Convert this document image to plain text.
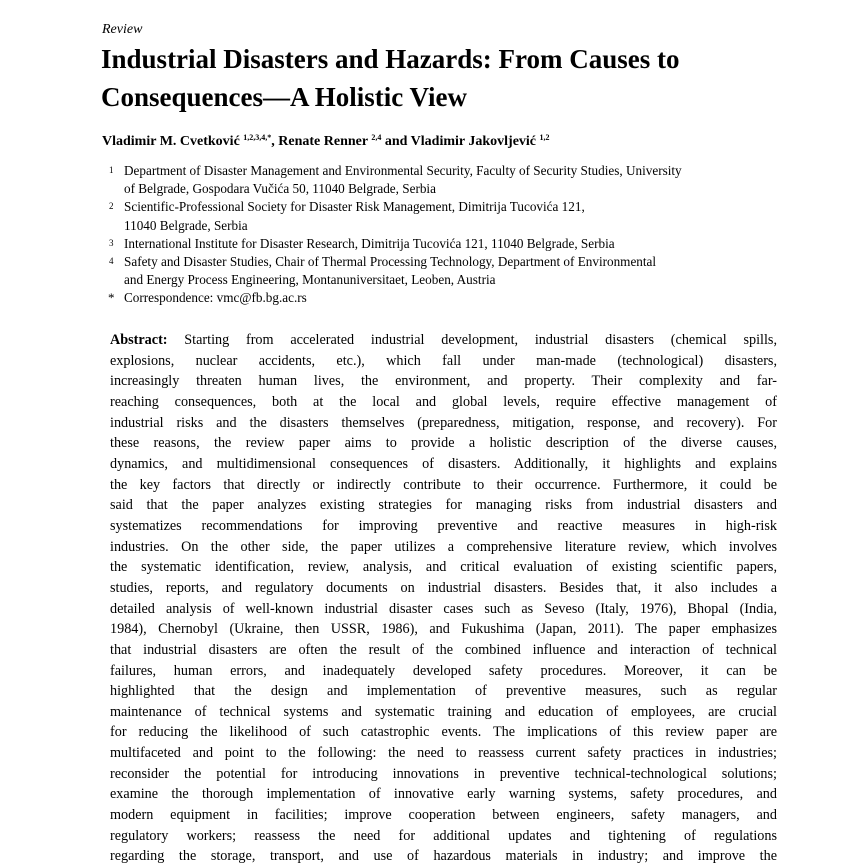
Review
Industrial Disasters and Hazards: From Causes to
Consequences—A Holistic View
Vladimir M. Cvetković $^{1,2,3,4,*}$, Renate Renner $^{2,4}$ and Vladimir Jakovljević $^{1,2}$
1 Department of Disaster Management and Environmental Security, Faculty of Security Studies, University
of Belgrade, Gospodara Vučića 50, 11040 Belgrade, Serbia
2 Scientific-Professional Society for Disaster Risk Management, Dimitrija Tucovića 121,
11040 Belgrade, Serbia
3 International Institute for Disaster Research, Dimitrija Tucovića 121, 11040 Belgrade, Serbia
4 Safety and Disaster Studies, Chair of Thermal Processing Technology, Department of Environmental
and Energy Process Engineering, Montanuniversitaet, Leoben, Austria
* Correspondence: vmc@fb.bg.ac.rs
Abstract: Starting from accelerated industrial development, industrial disasters (chemical spills,
explosions, nuclear accidents, etc.), which fall under man-made (technological) disasters,
increasingly threaten human lives, the environment, and property. Their complexity and far-
reaching consequences, both at the local and global levels, require effective management of
industrial risks and the disasters themselves (preparedness, mitigation, response, and recovery). For
these reasons, the review paper aims to provide a holistic description of the diverse causes,
dynamics, and multidimensional consequences of disasters. Additionally, it highlights and explains
the key factors that directly or indirectly contribute to their occurrence. Furthermore, it could be
said that the paper analyzes existing strategies for managing risks from industrial disasters and
systematizes recommendations for improving preventive and reactive measures in high-risk
industries. On the other side, the paper utilizes a comprehensive literature review, which involves
the systematic identification, review, analysis, and critical evaluation of existing scientific papers,
studies, reports, and regulatory documents on industrial disasters. Besides that, it also includes a
detailed analysis of well-known industrial disaster cases such as Seveso (Italy, 1976), Bhopal (India,
1984), Chernobyl (Ukraine, then USSR, 1986), and Fukushima (Japan, 2011). The paper emphasizes
that industrial disasters are often the result of the combined influence and interaction of technical
failures, human errors, and inadequately developed safety procedures. Moreover, it can be
highlighted that the design and implementation of preventive measures, such as regular
maintenance of technical systems and systematic training and education of employees, are crucial
for reducing the likelihood of such catastrophic events. The implications of this review paper are
multifaceted and point to the following: the need to reassess current safety practices in industries;
reconsider the potential for introducing innovations in preventive technical-technological solutions;
examine the thorough implementation of innovative early warning systems, safety procedures, and
modern equipment in facilities; improve cooperation between engineers, safety managers, and
regulatory workers; reassess the need for additional updates and tightening of regulations
regarding the storage, transport, and use of hazardous materials in industry; and improve the
